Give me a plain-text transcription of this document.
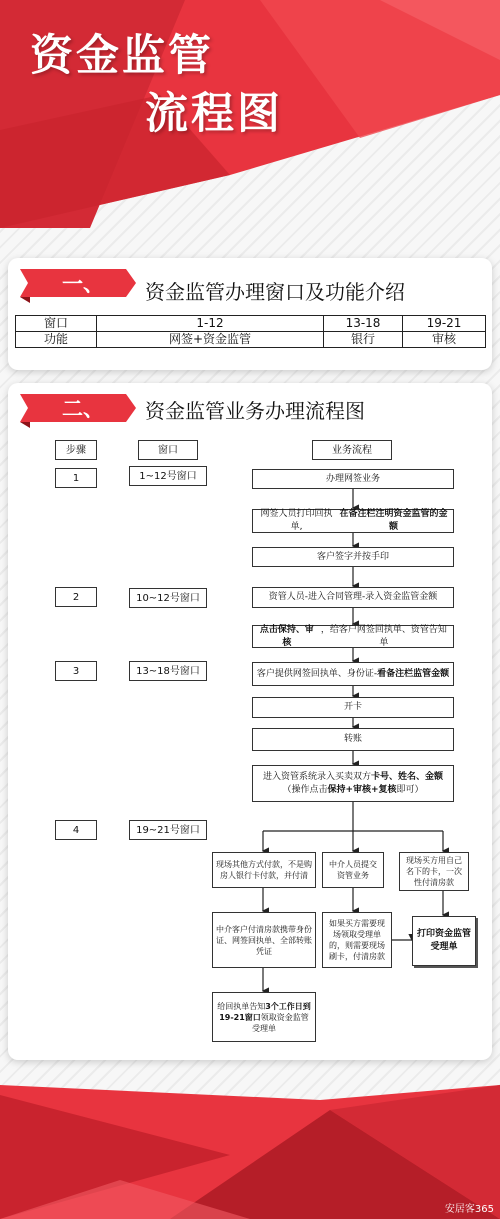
资金监管
流程图
一、 资金监管办理窗口及功能介绍
窗口	1-12	13-18	19-21
功能	网签+资金监管	银行	审核
二、 资金监管业务办理流程图
步骤	窗口	业务流程
1	1~12号窗口
2	10~12号窗口
3	13~18号窗口
4	19~21号窗口
办理网签业务
网签人员打印回执单,
在备注栏注明资金监管的金额
客户签字并按手印
资管人员-进入合同管理-录入资金监管金额
点击保持、审核
，给客户网签回执单、资管告知单
客户提供网签回执单、身份证- 看备注栏监管金额
开卡
转账
进入资管系统录入买卖双方卡号、姓名、金额
（操作点击保持+审核+复核即可）
现场其他方式付款，不是购房人银行卡付款，并付清
中介人员提交资管业务
现场买方用自己名下的卡，一次性付清房款
中介客户付清房款携带身份证、网签回执单、全部转账凭证
如果买方需要现场领取受理单的，则需要现场刷卡，付清房款
打印资金监管受理单
给回执单告知3个工作日到19-21窗口领取资金监管受理单
安居客365
